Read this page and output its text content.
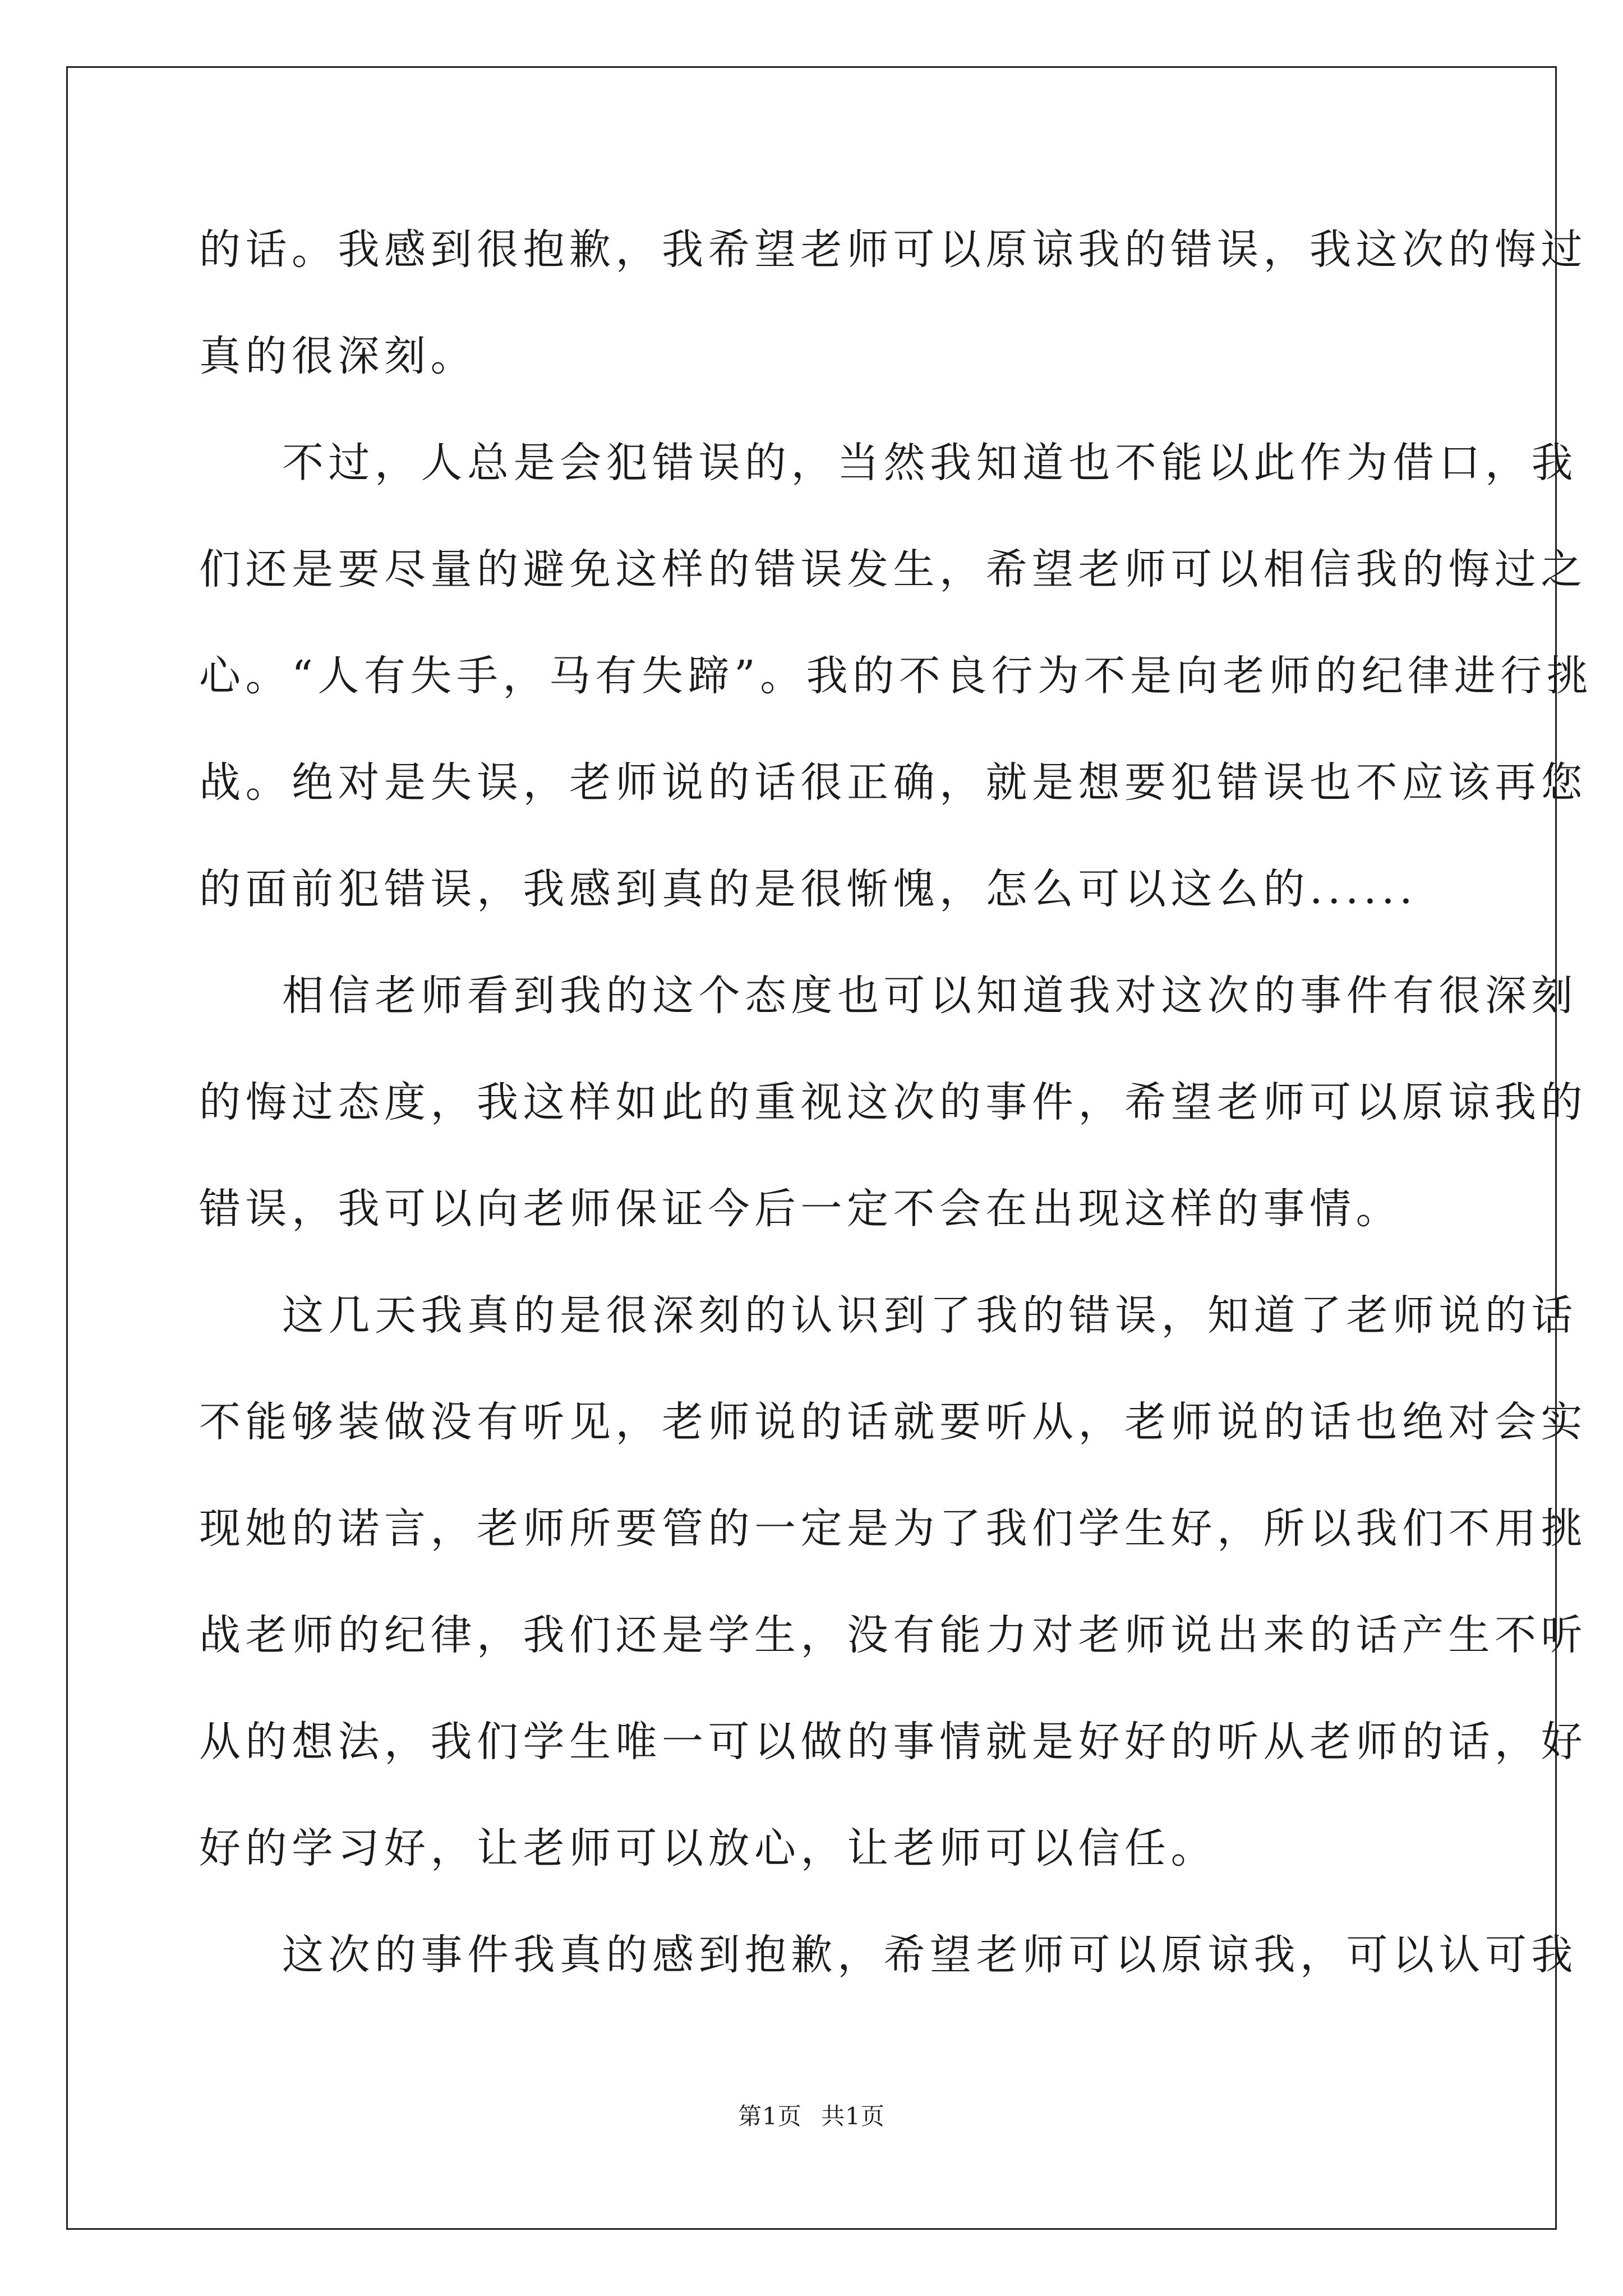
的话。我感到很抱歉，我希望老师可以原谅我的错误，我这次的悔过
真的很深刻。
不过，人总是会犯错误的，当然我知道也不能以此作为借口，我
们还是要尽量的避免这样的错误发生，希望老师可以相信我的悔过之
心。“人有失手，马有失蹄”。我的不良行为不是向老师的纪律进行挑
战。绝对是失误，老师说的话很正确，就是想要犯错误也不应该再您
的面前犯错误，我感到真的是很惭愧，怎么可以这么的......
相信老师看到我的这个态度也可以知道我对这次的事件有很深刻
的悔过态度，我这样如此的重视这次的事件，希望老师可以原谅我的
错误，我可以向老师保证今后一定不会在出现这样的事情。
这几天我真的是很深刻的认识到了我的错误，知道了老师说的话
不能够装做没有听见，老师说的话就要听从，老师说的话也绝对会实
现她的诺言，老师所要管的一定是为了我们学生好，所以我们不用挑
战老师的纪律，我们还是学生，没有能力对老师说出来的话产生不听
从的想法，我们学生唯一可以做的事情就是好好的听从老师的话，好
好的学习好，让老师可以放心，让老师可以信任。
这次的事件我真的感到抱歉，希望老师可以原谅我，可以认可我
第1页 共1页
